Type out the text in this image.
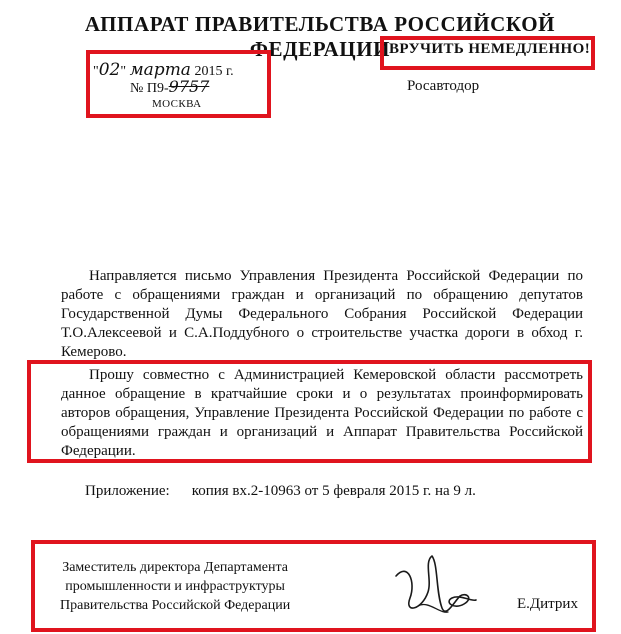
АППАРАТ ПРАВИТЕЛЬСТВА РОССИЙСКОЙ ФЕДЕРАЦИИ
"02" марта 2015 г.
№ П9-9757
МОСКВА
ВРУЧИТЬ НЕМЕДЛЕННО!
Росавтодор
Направляется письмо Управления Президента Российской Федерации по работе с обращениями граждан и организаций по обращению депутатов Государственной Думы Федерального Собрания Российской Федерации Т.О.Алексеевой и С.А.Поддубного о строительстве участка дороги в обход г. Кемерово.
Прошу совместно с Администрацией Кемеровской области рассмотреть данное обращение в кратчайшие сроки и о результатах проинформировать авторов обращения, Управление Президента Российской Федерации по работе с обращениями граждан и организаций и Аппарат Правительства Российской Федерации.
Приложение: копия вх.2-10963 от 5 февраля 2015 г. на 9 л.
Заместитель директора Департамента
промышленности и инфраструктуры
Правительства Российской Федерации	Е.Дитрих
